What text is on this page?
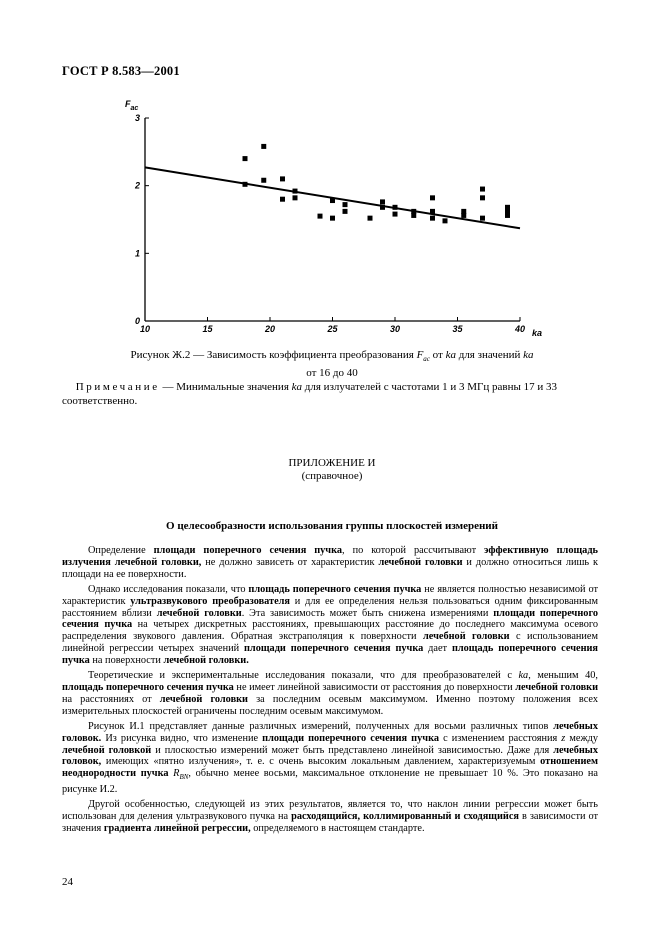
ГОСТ Р 8.583—2001
10	15	20	25	30	35	40
0
1
2
3
$F_{ac}$
ka
Рисунок Ж.2 — Зависимость коэффициента преобразования $F_{ac}$ от ka для значений ka
от 16 до 40
Примечание — Минимальные значения ka для излучателей с частотами 1 и 3 МГц равны 17 и 33 соответственно.
ПРИЛОЖЕНИЕ И
(справочное)
О целесообразности использования группы плоскостей измерений

Определение площади поперечного сечения пучка, по которой рассчитывают эффективную площадь излучения лечебной головки, не должно зависеть от характеристик лечебной головки и должно относиться лишь к площади на ее поверхности.

Однако исследования показали, что площадь поперечного сечения пучка не является полностью независимой от характеристик ультразвукового преобразователя и для ее определения нельзя пользоваться одним фиксированным расстоянием вблизи лечебной головки. Эта зависимость может быть снижена измерениями площади поперечного сечения пучка на четырех дискретных расстояниях, превышающих расстояние до последнего максимума осевого распределения звукового давления. Обратная экстраполяция к поверхности лечебной головки с использованием линейной регрессии четырех значений площади поперечного сечения пучка дает площадь поперечного сечения пучка на поверхности лечебной головки.

Теоретические и экспериментальные исследования показали, что для преобразователей с ka, меньшим 40, площадь поперечного сечения пучка не имеет линейной зависимости от расстояния до поверхности лечебной головки на расстояниях от лечебной головки за последним осевым максимумом. Именно поэтому положения всех измерительных плоскостей ограничены последним осевым максимумом.

Рисунок И.1 представляет данные различных измерений, полученных для восьми различных типов лечебных головок. Из рисунка видно, что изменение площади поперечного сечения пучка с изменением расстояния z между лечебной головкой и плоскостью измерений может быть представлено линейной зависимостью. Даже для лечебных головок, имеющих «пятно излучения», т. е. с очень высоким локальным давлением, характеризуемым отношением неоднородности пучка $R_{BN}$, обычно менее восьми, максимальное отклонение не превышает 10 %. Это показано на рисунке И.2.

Другой особенностью, следующей из этих результатов, является то, что наклон линии регрессии может быть использован для деления ультразвукового пучка на расходящийся, коллимированный и сходящийся в зависимости от значения градиента линейной регрессии, определяемого в настоящем стандарте.

24
